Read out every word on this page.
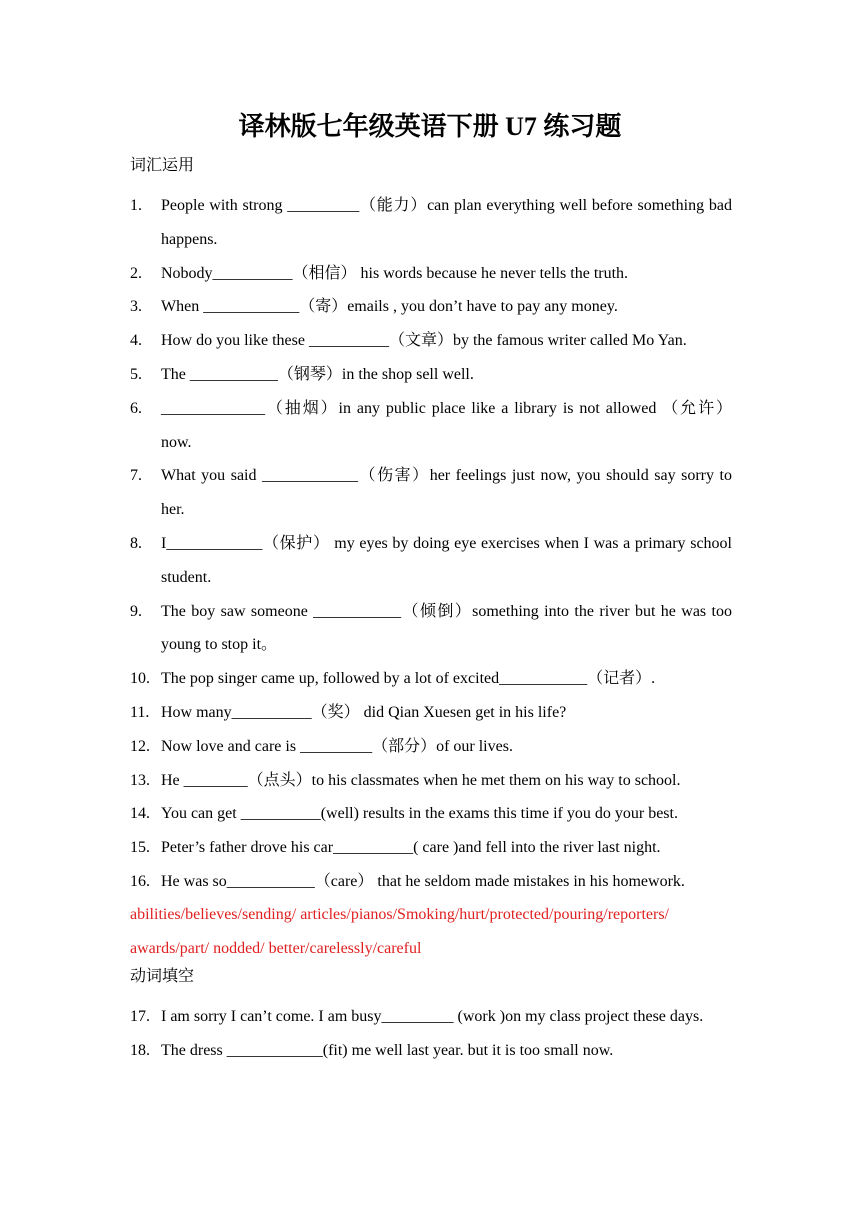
译林版七年级英语下册 U7 练习题
词汇运用
1. People with strong _________（能力）can plan everything well before something bad happens.
2. Nobody__________（相信） his words because he never tells the truth.
3. When ____________（寄）emails , you don’t have to pay any money.
4. How do you like these __________（文章）by the famous writer called Mo Yan.
5. The ___________（钢琴）in the shop sell well.
6. _____________（抽烟）in any public place like a library is not allowed （允许） now.
7. What you said ____________（伤害）her feelings just now, you should say sorry to her.
8. I____________（保护） my eyes by doing eye exercises when I was a primary school student.
9. The boy saw someone ___________（倾倒）something into the river but he was too young to stop it。
10. The pop singer came up, followed by a lot of excited___________（记者）.
11. How many__________（奖） did Qian Xuesen get in his life?
12. Now love and care is _________（部分）of our lives.
13. He ________（点头）to his classmates when he met them on his way to school.
14. You can get __________(well) results in the exams this time if you do your best.
15. Peter’s father drove his car__________( care )and fell into the river last night.
16. He was so___________（care） that he seldom made mistakes in his homework.
abilities/believes/sending/ articles/pianos/Smoking/hurt/protected/pouring/reporters/ awards/part/ nodded/ better/carelessly/careful
动词填空
17. I am sorry I can’t come. I am busy_________ (work )on my class project these days.
18. The dress ____________(fit) me well last year. but it is too small now.
